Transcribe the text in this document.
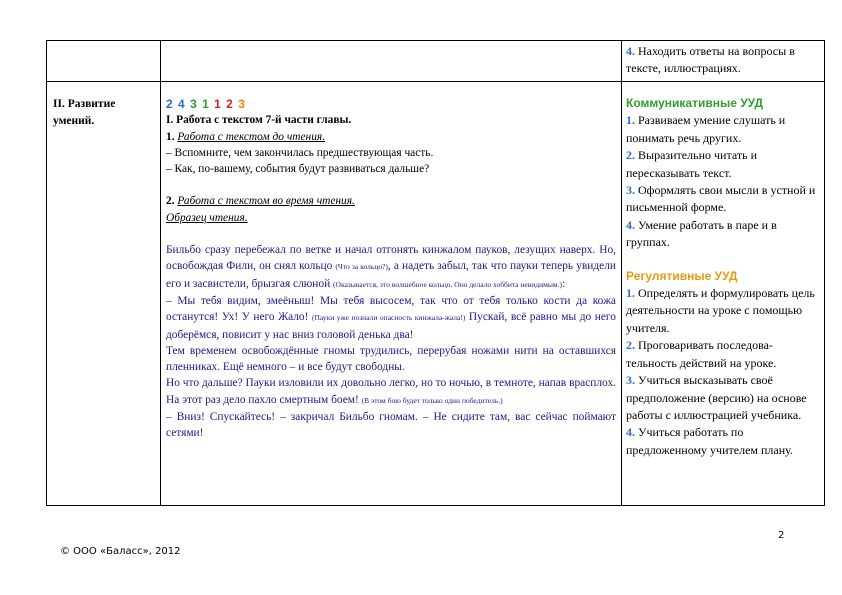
4. Находить ответы на вопросы в тексте, иллюстрациях.

II. Развитие умений.

2 4 3 1 1 2 3

I. Работа с текстом 7-й части главы.

1. Работа с текстом до чтения.

– Вспомните, чем закончилась предшествующая часть.

– Как, по-вашему, события будут развиваться дальше?

2. Работа с текстом во время чтения.

Образец чтения.

Бильбо сразу перебежал по ветке и начал отгонять кинжалом пауков, лезущих наверх. Но, освобождая Фили, он снял кольцо (Что за кольцо?), а надеть забыл, так что пауки теперь увидели его и засвистели, брызгая слюной (Оказывается, это волшебное кольцо. Оно делало хоббита невидимым.):

– Мы тебя видим, змеёныш! Мы тебя высосем, так что от тебя только кости да кожа останутся! Ух! У него Жало! (Пауки уже познали опасность кинжала-жала!) Пускай, всё равно мы до него доберёмся, повисит у нас вниз головой денька два!

Тем временем освобождённые гномы трудились, перерубая ножами нити на оставшихся пленниках. Ещё немного – и все будут свободны.

Но что дальше? Пауки изловили их довольно легко, но то ночью, в темноте, напав врасплох. На этот раз дело пахло смертным боем! (В этом бою будет только один победитель.)

– Вниз! Спускайтесь! – закричал Бильбо гномам. – Не сидите там, вас сейчас поймают сетями!

Коммуникативные УУД

1. Развиваем умение слушать и понимать речь других.

2. Выразительно читать и пересказывать текст.

3. Оформлять свои мысли в устной и письменной форме.

4. Умение работать в паре и в группах.

Регулятивные УУД

1. Определять и формулировать цель деятельности на уроке с помощью учителя.

2. Проговаривать последова-тельность действий на уроке.

3. Учиться высказывать своё предположение (версию) на основе работы с иллюстрацией учебника.

4. Учиться работать по предложенному учителем плану.

2
© ООО «Баласс», 2012
